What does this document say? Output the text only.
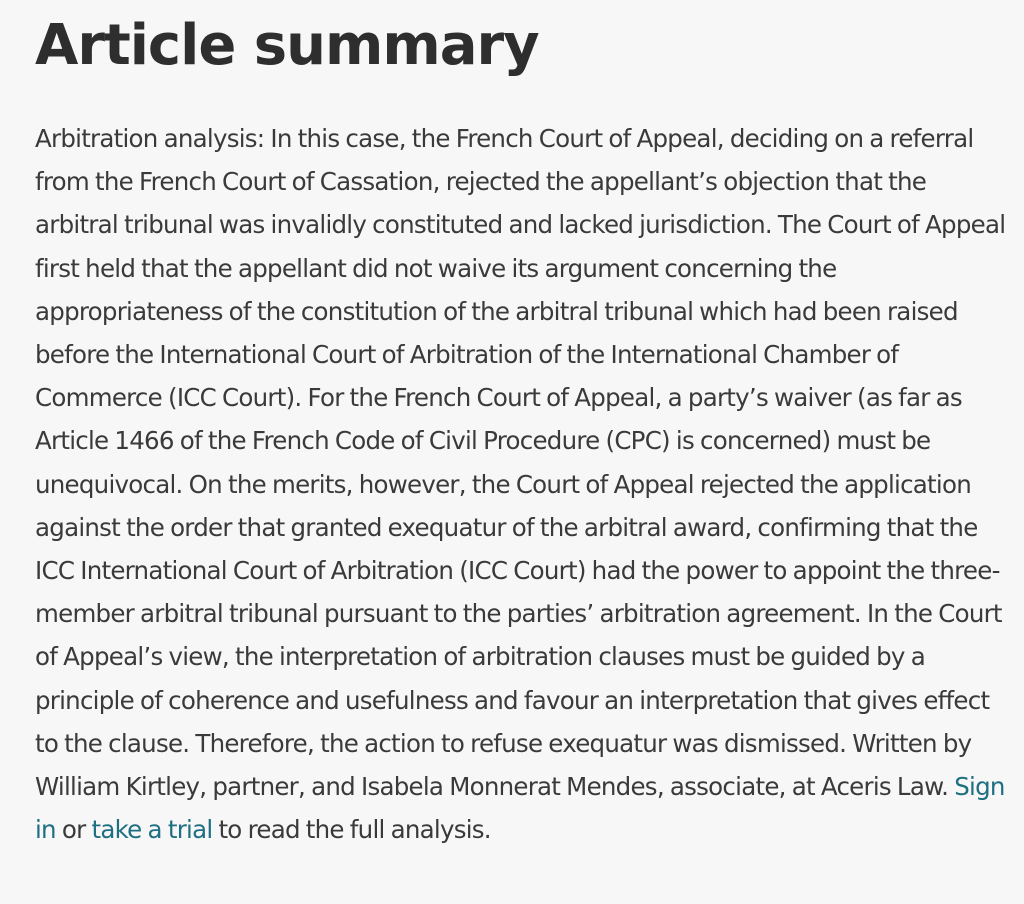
Article summary

Arbitration analysis: In this case, the French Court of Appeal, deciding on a referral from the French Court of Cassation, rejected the appellant’s objection that the arbitral tribunal was invalidly constituted and lacked jurisdiction. The Court of Appeal first held that the appellant did not waive its argument concerning the appropriateness of the constitution of the arbitral tribunal which had been raised before the International Court of Arbitration of the International Chamber of Commerce (ICC Court). For the French Court of Appeal, a party’s waiver (as far as Article 1466 of the French Code of Civil Procedure (CPC) is concerned) must be unequivocal. On the merits, however, the Court of Appeal rejected the application against the order that granted exequatur of the arbitral award, confirming that the ICC International Court of Arbitration (ICC Court) had the power to appoint the three-member arbitral tribunal pursuant to the parties’ arbitration agreement. In the Court of Appeal’s view, the interpretation of arbitration clauses must be guided by a principle of coherence and usefulness and favour an interpretation that gives effect to the clause. Therefore, the action to refuse exequatur was dismissed. Written by William Kirtley, partner, and Isabela Monnerat Mendes, associate, at Aceris Law. Sign in or take a trial to read the full analysis.
